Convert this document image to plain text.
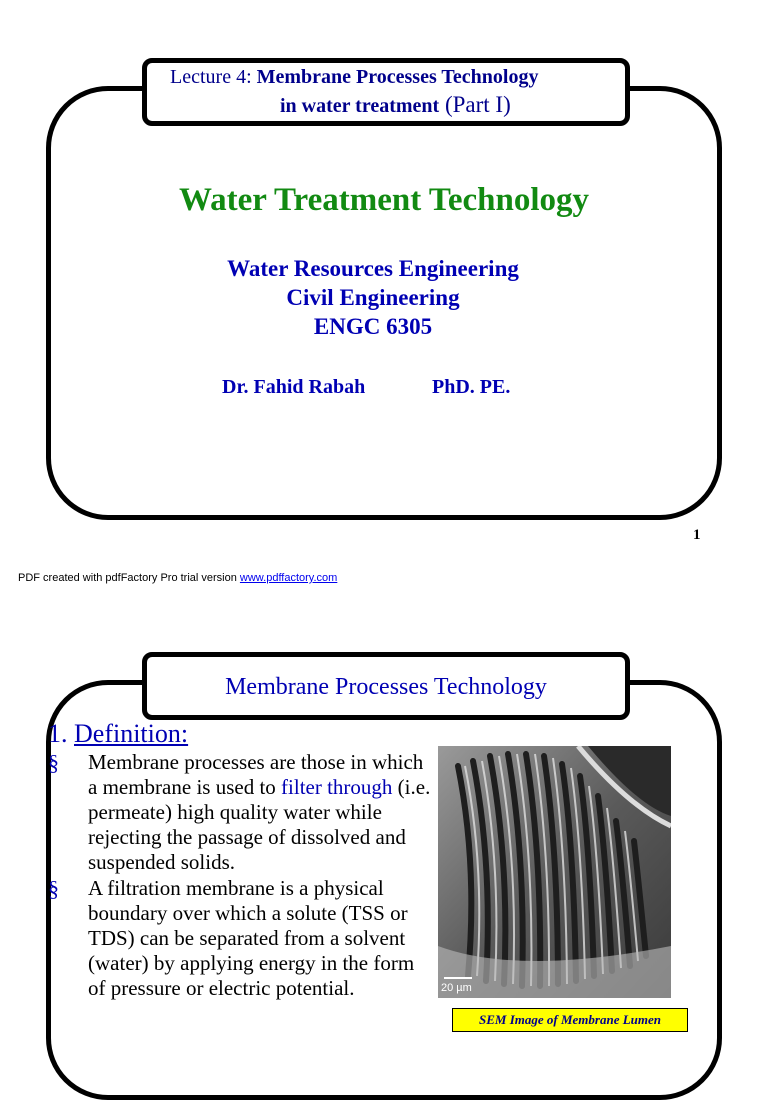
Lecture 4: Membrane Processes Technology
in water treatment (Part I)
Water Treatment Technology
Water Resources Engineering
Civil Engineering
ENGC 6305
Dr. Fahid Rabah	PhD. PE.
1
PDF created with pdfFactory Pro trial version www.pdffactory.com
Membrane Processes Technology
1. Definition:
§ Membrane processes are those in which a membrane is used to filter through (i.e. permeate) high quality water while rejecting the passage of dissolved and suspended solids.
§ A filtration membrane is a physical boundary over which a solute (TSS or TDS) can be separated from a solvent (water) by applying energy in the form of pressure or electric potential.	20 µm
SEM Image of Membrane Lumen
